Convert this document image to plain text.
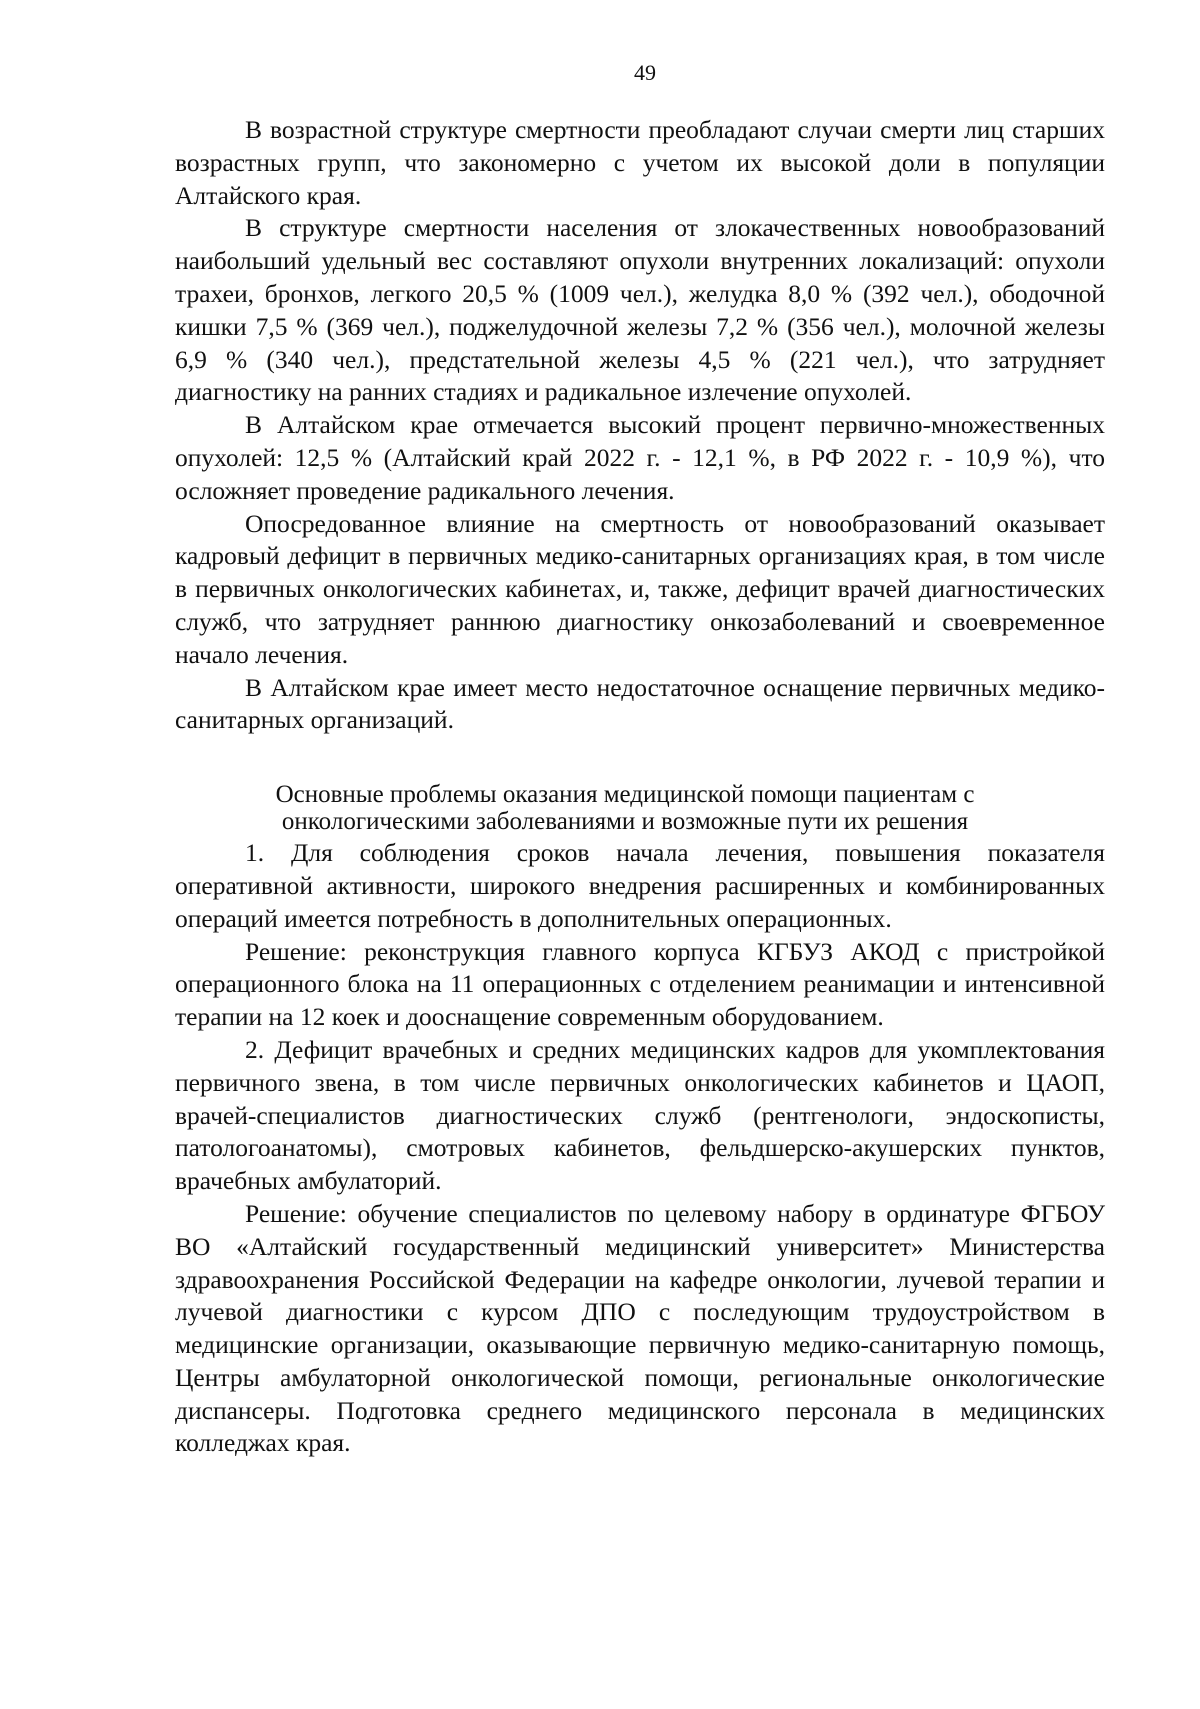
49

В возрастной структуре смертности преобладают случаи смерти лиц старших возрастных групп, что закономерно с учетом их высокой доли в популяции Алтайского края.

В структуре смертности населения от злокачественных новообразований наибольший удельный вес составляют опухоли внутренних локализаций: опухоли трахеи, бронхов, легкого 20,5 % (1009 чел.), желудка 8,0 % (392 чел.), ободочной кишки 7,5 % (369 чел.), поджелудочной железы 7,2 % (356 чел.), молочной железы 6,9 % (340 чел.), предстательной железы 4,5 % (221 чел.), что затрудняет диагностику на ранних стадиях и радикальное излечение опухолей.

В Алтайском крае отмечается высокий процент первично-множественных опухолей: 12,5 % (Алтайский край 2022 г. - 12,1 %, в РФ 2022 г. - 10,9 %), что осложняет проведение радикального лечения.

Опосредованное влияние на смертность от новообразований оказывает кадровый дефицит в первичных медико-санитарных организациях края, в том числе в первичных онкологических кабинетах, и, также, дефицит врачей диагностических служб, что затрудняет раннюю диагностику онкозаболеваний и своевременное начало лечения.

В Алтайском крае имеет место недостаточное оснащение первичных медико-санитарных организаций.

Основные проблемы оказания медицинской помощи пациентам с
онкологическими заболеваниями и возможные пути их решения

1. Для соблюдения сроков начала лечения, повышения показателя оперативной активности, широкого внедрения расширенных и комбинированных операций имеется потребность в дополнительных операционных.

Решение: реконструкция главного корпуса КГБУЗ АКОД с пристройкой операционного блока на 11 операционных с отделением реанимации и интенсивной терапии на 12 коек и дооснащение современным оборудованием.

2. Дефицит врачебных и средних медицинских кадров для укомплектования первичного звена, в том числе первичных онкологических кабинетов и ЦАОП, врачей-специалистов диагностических служб (рентгенологи, эндоскописты, патологоанатомы), смотровых кабинетов, фельдшерско-акушерских пунктов, врачебных амбулаторий.

Решение: обучение специалистов по целевому набору в ординатуре ФГБОУ ВО «Алтайский государственный медицинский университет» Министерства здравоохранения Российской Федерации на кафедре онкологии, лучевой терапии и лучевой диагностики с курсом ДПО с последующим трудоустройством в медицинские организации, оказывающие первичную медико-санитарную помощь, Центры амбулаторной онкологической помощи, региональные онкологические диспансеры. Подготовка среднего медицинского персонала в медицинских колледжах края.
